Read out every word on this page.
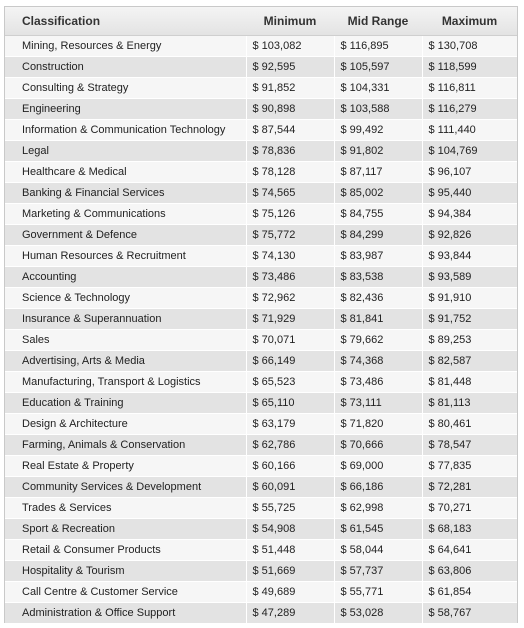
Classification	Minimum	Mid Range	Maximum
Mining, Resources & Energy	$ 103,082	$ 116,895	$ 130,708
Construction	$ 92,595	$ 105,597	$ 118,599
Consulting & Strategy	$ 91,852	$ 104,331	$ 116,811
Engineering	$ 90,898	$ 103,588	$ 116,279
Information & Communication Technology	$ 87,544	$ 99,492	$ 111,440
Legal	$ 78,836	$ 91,802	$ 104,769
Healthcare & Medical	$ 78,128	$ 87,117	$ 96,107
Banking & Financial Services	$ 74,565	$ 85,002	$ 95,440
Marketing & Communications	$ 75,126	$ 84,755	$ 94,384
Government & Defence	$ 75,772	$ 84,299	$ 92,826
Human Resources & Recruitment	$ 74,130	$ 83,987	$ 93,844
Accounting	$ 73,486	$ 83,538	$ 93,589
Science & Technology	$ 72,962	$ 82,436	$ 91,910
Insurance & Superannuation	$ 71,929	$ 81,841	$ 91,752
Sales	$ 70,071	$ 79,662	$ 89,253
Advertising, Arts & Media	$ 66,149	$ 74,368	$ 82,587
Manufacturing, Transport & Logistics	$ 65,523	$ 73,486	$ 81,448
Education & Training	$ 65,110	$ 73,111	$ 81,113
Design & Architecture	$ 63,179	$ 71,820	$ 80,461
Farming, Animals & Conservation	$ 62,786	$ 70,666	$ 78,547
Real Estate & Property	$ 60,166	$ 69,000	$ 77,835
Community Services & Development	$ 60,091	$ 66,186	$ 72,281
Trades & Services	$ 55,725	$ 62,998	$ 70,271
Sport & Recreation	$ 54,908	$ 61,545	$ 68,183
Retail & Consumer Products	$ 51,448	$ 58,044	$ 64,641
Hospitality & Tourism	$ 51,669	$ 57,737	$ 63,806
Call Centre & Customer Service	$ 49,689	$ 55,771	$ 61,854
Administration & Office Support	$ 47,289	$ 53,028	$ 58,767
